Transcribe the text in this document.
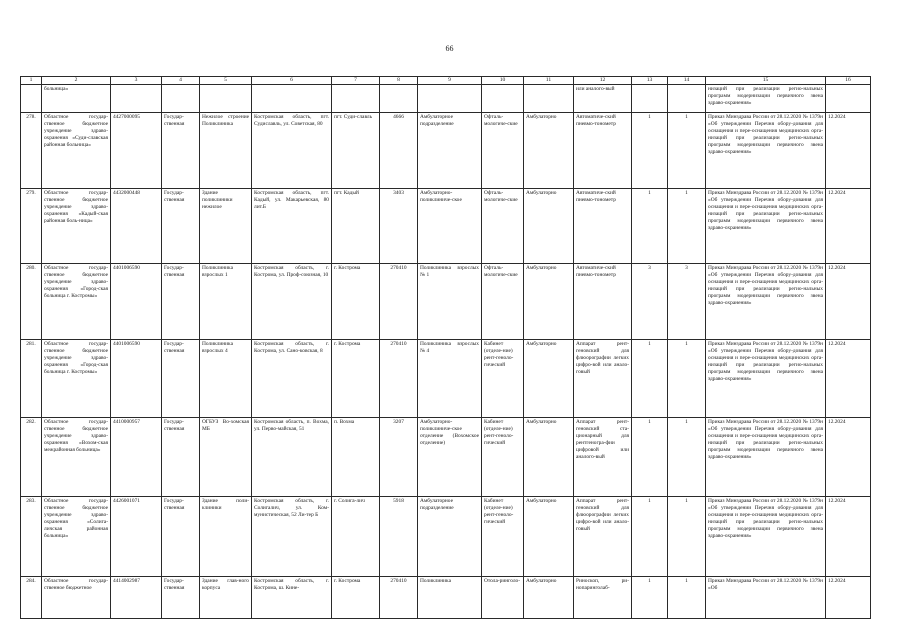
66
1	2	3	4	5	6	7	8	9	10	11	12	13	14	15	16
	больница»										или аналого-вый			низаций при реализации регио-нальных программ модернизации первичного звена здраво-охранения»	
278.	Областное государ-ственное бюджетное учреждение здраво-охранения «Суди-славская районная больница»	4427000095	Государ-ственная	Нежилое строение Поликлиника	Костромская область, пгт. Судиславль, ул. Советская, 80	пгт. Суди-славль	4666	Амбулаторное подразделение	Офталь-мологиче-ские	Амбулаторно	Автоматиче-ский пневмо-тонометр	1	1	Приказ Минздрава России от 28.12.2020 № 1379н «Об утверждении Перечня обору-дования для оснащения и пере-оснащения медицинских орга-низаций при реализации регио-нальных программ модернизации первичного звена здраво-охранения»	12.2024
279.	Областное государ-ственное бюджетное учреждение здраво-охранения «Кадый-ская районная боль-ница»	4432000448	Государ-ственная	Здание поликлиники нежилое	Костромская область, пгт. Кадый, ул. Макарьевская, 80 лит.Б	пгт. Кадый	3403	Амбулаторно-поликлиниче-ское	Офталь-мологиче-ские	Амбулаторно	Автоматиче-ский пневмо-тонометр	1	1	Приказ Минздрава России от 28.12.2020 № 1379н «Об утверждении Перечня обору-дования для оснащения и пере-оснащения медицинских орга-низаций при реализации регио-нальных программ модернизации первичного звена здраво-охранения»	12.2024
280.	Областное государ-ственное бюджетное учреждение здраво-охранения «Город-ская больница г. Костромы»	4401006590	Государ-ственная	Поликлиника взрослых 1	Костромская область, г. Кострома, ул. Проф-союзная, 10	г. Кострома	270410	Поликлиника взрослых № 1	Офталь-мологиче-ские	Амбулаторно	Автоматиче-ский пневмо-тонометр	3	3	Приказ Минздрава России от 28.12.2020 № 1379н «Об утверждении Перечня обору-дования для оснащения и пере-оснащения медицинских орга-низаций при реализации регио-нальных программ модернизации первичного звена здраво-охранения»	12.2024
281.	Областное государ-ственное бюджетное учреждение здраво-охранения «Город-ская больница г. Костромы»	4401006590	Государ-ственная	Поликлиника взрослых 4	Костромская область, г. Кострома, ул. Сано-ковская, 8	г. Кострома	270410	Поликлиника взрослых № 4	Кабинет (отделе-ние) рент-геноло-гический	Амбулаторно	Аппарат рент-геновский для флюорографии легких цифро-вой или анало-говый	1	1	Приказ Минздрава России от 28.12.2020 № 1379н «Об утверждении Перечня обору-дования для оснащения и пере-оснащения медицинских орга-низаций при реализации регио-нальных программ модернизации первичного звена здраво-охранения»	12.2024
282.	Областное государ-ственное бюджетное учреждение здраво-охранения «Вохом-ская межрайонная больница»	4410000957	Государ-ственная	ОГБУЗ Во-хомская МБ	Костромская область, п. Вохма, ул. Перво-майская, 51	п. Вохма	3207	Амбулаторно-поликлиниче-ское отделение (Вохомское отделение)	Кабинет (отделе-ние) рент-геноло-гический	Амбулаторно	Аппарат рент-геновский ста-ционарный для рентгеногра-фии цифровой или аналого-вый	1	1	Приказ Минздрава России от 28.12.2020 № 1379н «Об утверждении Перечня обору-дования для оснащения и пере-оснащения медицинских орга-низаций при реализации регио-нальных программ модернизации первичного звена здраво-охранения»	12.2024
283.	Областное государ-ственное бюджетное учреждение здраво-охранения «Солига-личская районная больница»	4426001071	Государ-ственная	Здание поли-клиники	Костромская область, г. Солигалич, ул. Ком-мунистическая, 52 Ли-тер Б	г. Солига-лич	5918	Амбулаторное подразделение	Кабинет (отделе-ние) рент-геноло-гический	Амбулаторно	Аппарат рент-геновский для флюорографии легких цифро-вой или анало-говый	1	1	Приказ Минздрава России от 28.12.2020 № 1379н «Об утверждении Перечня обору-дования для оснащения и пере-оснащения медицинских орга-низаций при реализации регио-нальных программ модернизации первичного звена здраво-охранения»	12.2024
284.	Областное государ-ственное бюджетное	4414002987	Государ-ственная	Здание глав-ного корпуса	Костромская область, г. Кострома, ш. Кине-	г. Кострома	270410	Поликлиника	Отола-ринголо-	Амбулаторно	Риноскоп, ри-нопаринголаб-	1	1	Приказ Минздрава России от 28.12.2020 № 1379н «Об	12.2024
